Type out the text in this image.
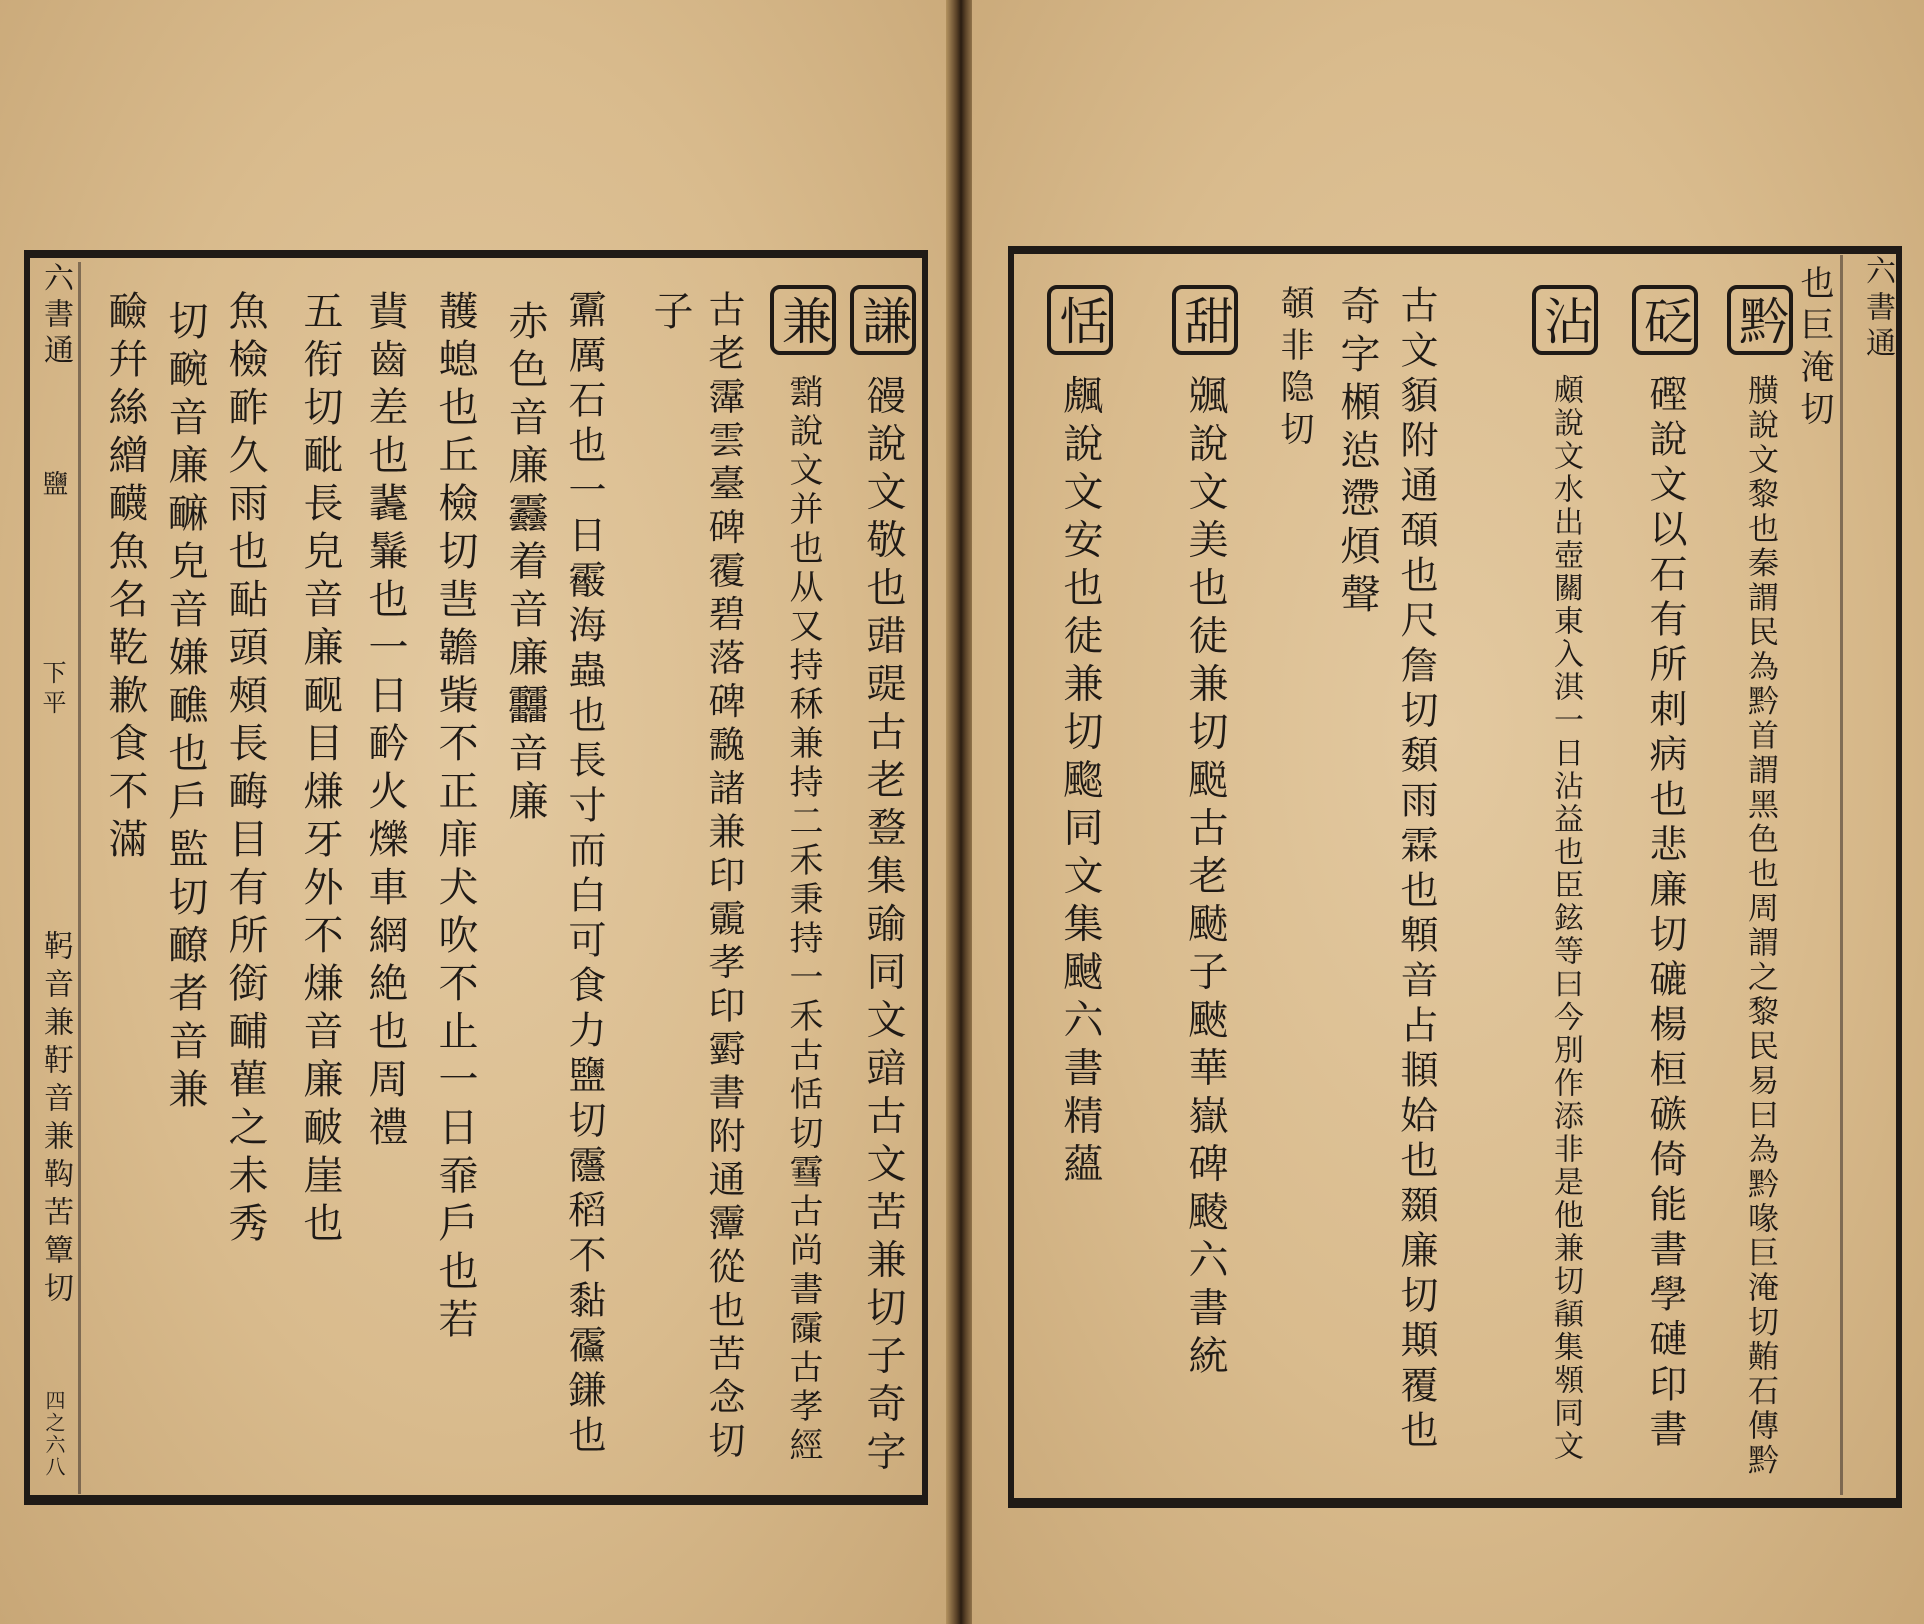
六書通
鹽
下平
四之六八
謙 䜱說文敬也䜺䜻古老䜼集䜽同文䜾古文苦兼切子奇字
兼 䨭說文并也从又持秝兼持二禾秉持一禾古恬切䨮古尚書䨯古孝經
古老䨰雲臺碑䨱碧落碑䨲諸兼印䨳孝印䨴書附通䨵從也苦念切
子
䨶厲石也一日䨷海蟲也長寸而白可食力鹽切䨸稻不黏䨹鎌也
赤色音廉䨺着音廉䨻音廉
䨼螅也丘檢切䨽䪜㭰不正䨾犬吹不止一日䨿戶也若
䩀齒差也䩁鬑也一日䩂火爍車網絶也周禮
五衔切䩃長皃音廉䩄目熑牙外不熑音廉䩅崖也
魚檢䩆久雨也䩇頭頰長䩈目有所銜䩉雚之未秀
切䩊音廉䩋皃音嫌䩌也戶監切䩍者音兼
䩎幷絲繒䩏魚名䩐歉食不滿
䩑音兼䩒音兼䩓苦簟切
六書通
也巨淹切
黔 䵊說文黎也秦謂民為黔首謂黑色也周謂之黎民易曰為黔喙巨淹切䵋石傳黔
砭 䃘說文以石有所刺病也悲廉切䃙楊桓䃚倚能書學䃛印書
沾 䫆說文水出壺關東入淇一日沾益也臣鉉等曰今別作添非是他兼切䫇集䫈同文
古文䫉附通䫊也尺詹切䫋雨霖也䫌音占䫍姶也䫎廉切䫏覆也
奇字䫐惉懘煩聲
䫑非隐切
甜 䬇說文美也徒兼切䬈古老䬉子䬊華嶽碑䬋六書統
恬 䬌說文安也徒兼切䬍同文集䬎六書精蘊
